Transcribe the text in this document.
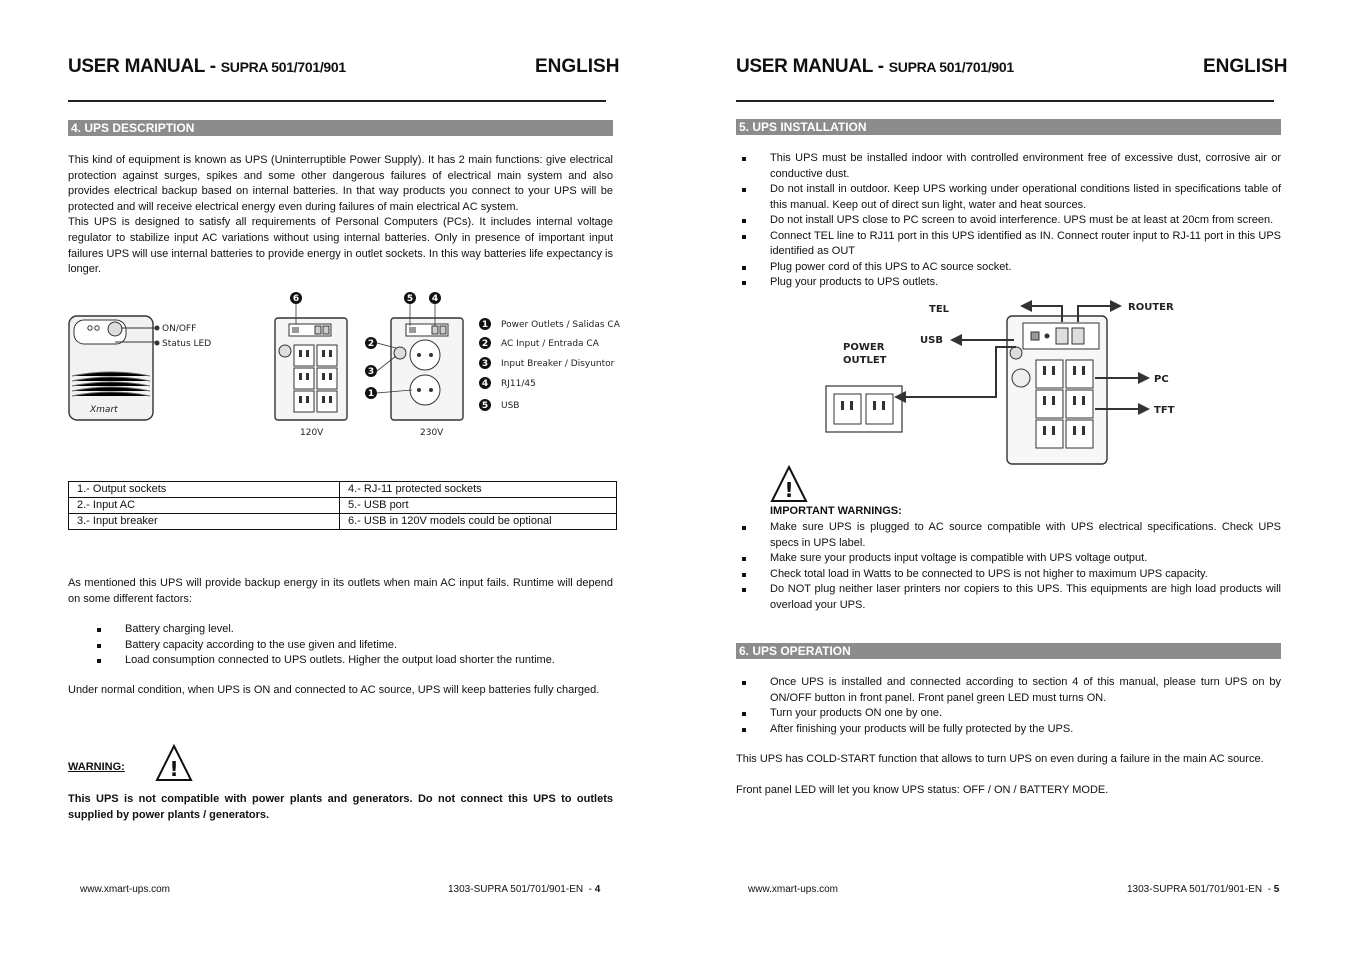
USER MANUAL - SUPRA 501/701/901	ENGLISH
4. UPS DESCRIPTION

This kind of equipment is known as UPS (Uninterruptible Power Supply). It has 2 main functions: give electrical protection against surges, spikes and some other dangerous failures of electrical main system and also provides electrical backup based on internal batteries. In that way products you connect to your UPS will be protected and will receive electrical energy even during failures of main electrical AC system.

This UPS is designed to satisfy all requirements of Personal Computers (PCs). It includes internal voltage regulator to stabilize input AC variations without using internal batteries. Only in presence of important input failures UPS will use internal batteries to provide energy in outlet sockets. In this way batteries life expectancy is longer.

Xmart
ON/OFF
Status LED
120V	230V
6	5 4
2
3
1
1
2
3
4
5
Power Outlets / Salidas CA
AC Input / Entrada CA
Input Breaker / Disyuntor
RJ11/45
USB
1.- Output sockets	4.- RJ-11 protected sockets
2.- Input AC	5.- USB port
3.- Input breaker	6.- USB in 120V models could be optional
As mentioned this UPS will provide backup energy in its outlets when main AC input fails. Runtime will depend on some different factors:
Battery charging level.
Battery capacity according to the use given and lifetime.
Load consumption connected to UPS outlets. Higher the output load shorter the runtime.
Under normal condition, when UPS is ON and connected to AC source, UPS will keep batteries fully charged.
WARNING: !
This UPS is not compatible with power plants and generators. Do not connect this UPS to outlets supplied by power plants / generators.
www.xmart-ups.com	1303-SUPRA 501/701/901-EN - 4
USER MANUAL - SUPRA 501/701/901	ENGLISH
5. UPS INSTALLATION
This UPS must be installed indoor with controlled environment free of excessive dust, corrosive air or conductive dust.
Do not install in outdoor. Keep UPS working under operational conditions listed in specifications table of this manual. Keep out of direct sun light, water and heat sources.
Do not install UPS close to PC screen to avoid interference. UPS must be at least at 20cm from screen.
Connect TEL line to RJ11 port in this UPS identified as IN. Connect router input to RJ-11 port in this UPS identified as OUT
Plug power cord of this UPS to AC source socket.
Plug your products to UPS outlets.
TEL	ROUTER
USB
POWER
OUTLET
PC
TFT
!
IMPORTANT WARNINGS:
Make sure UPS is plugged to AC source compatible with UPS electrical specifications. Check UPS specs in UPS label.
Make sure your products input voltage is compatible with UPS voltage output.
Check total load in Watts to be connected to UPS is not higher to maximum UPS capacity.
Do NOT plug neither laser printers nor copiers to this UPS. This equipments are high load products will overload your UPS.
6. UPS OPERATION
Once UPS is installed and connected according to section 4 of this manual, please turn UPS on by ON/OFF button in front panel. Front panel green LED must turns ON.
Turn your products ON one by one.
After finishing your products will be fully protected by the UPS.
This UPS has COLD-START function that allows to turn UPS on even during a failure in the main AC source.
Front panel LED will let you know UPS status: OFF / ON / BATTERY MODE.
www.xmart-ups.com	1303-SUPRA 501/701/901-EN - 5
